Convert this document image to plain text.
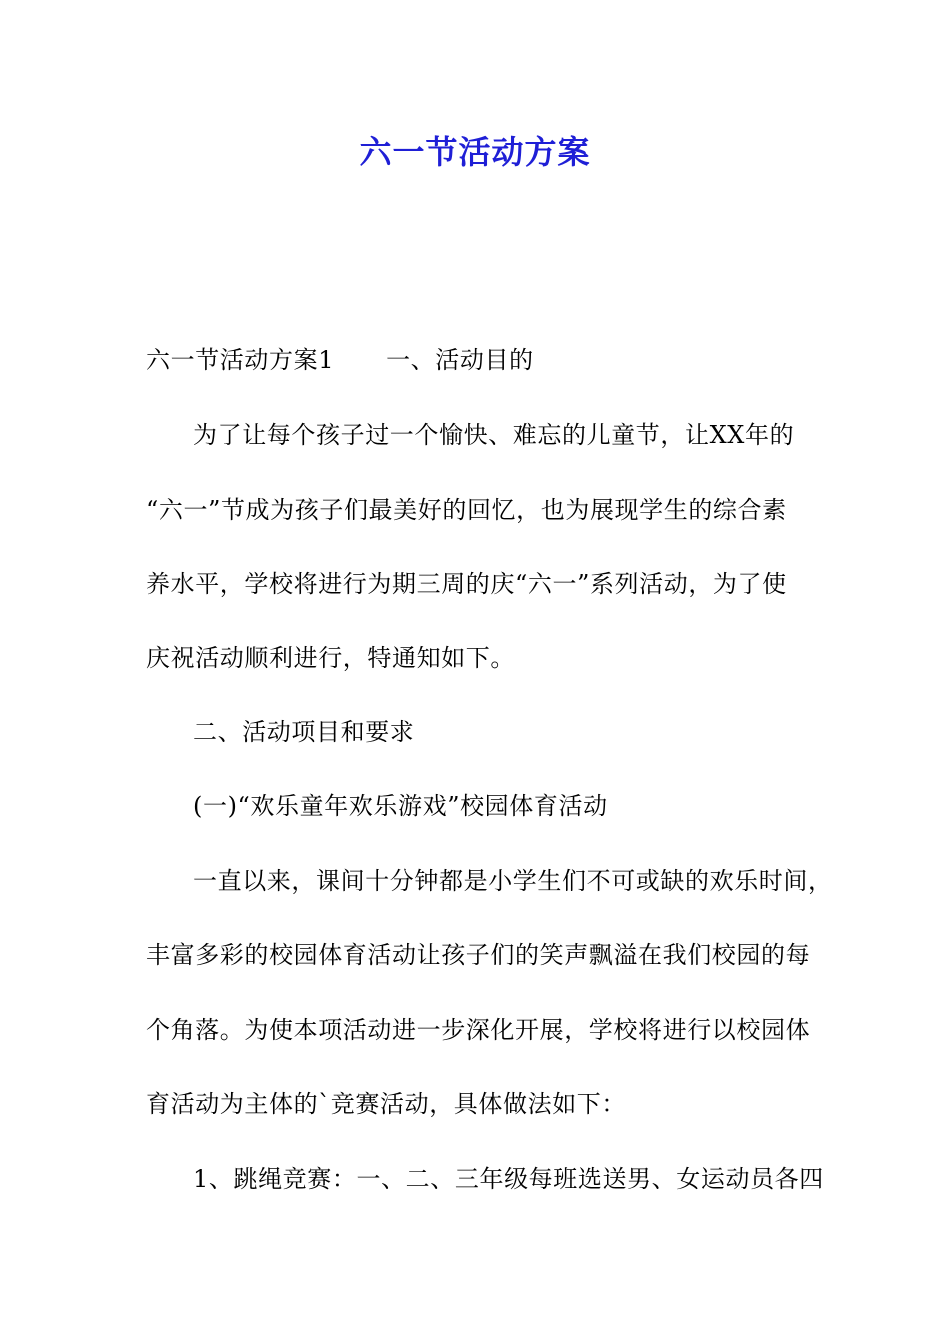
六一节活动方案
六一节活动方案1 一、活动目的
为了让每个孩子过一个愉快、难忘的儿童节，让XX年的
“六一”节成为孩子们最美好的回忆，也为展现学生的综合素
养水平，学校将进行为期三周的庆“六一”系列活动，为了使
庆祝活动顺利进行，特通知如下。
二、活动项目和要求
(一)“欢乐童年欢乐游戏”校园体育活动
一直以来，课间十分钟都是小学生们不可或缺的欢乐时间，
丰富多彩的校园体育活动让孩子们的笑声飘溢在我们校园的每
个角落。为使本项活动进一步深化开展，学校将进行以校园体
育活动为主体的`竞赛活动，具体做法如下：
1、跳绳竞赛：一、二、三年级每班选送男、女运动员各四
